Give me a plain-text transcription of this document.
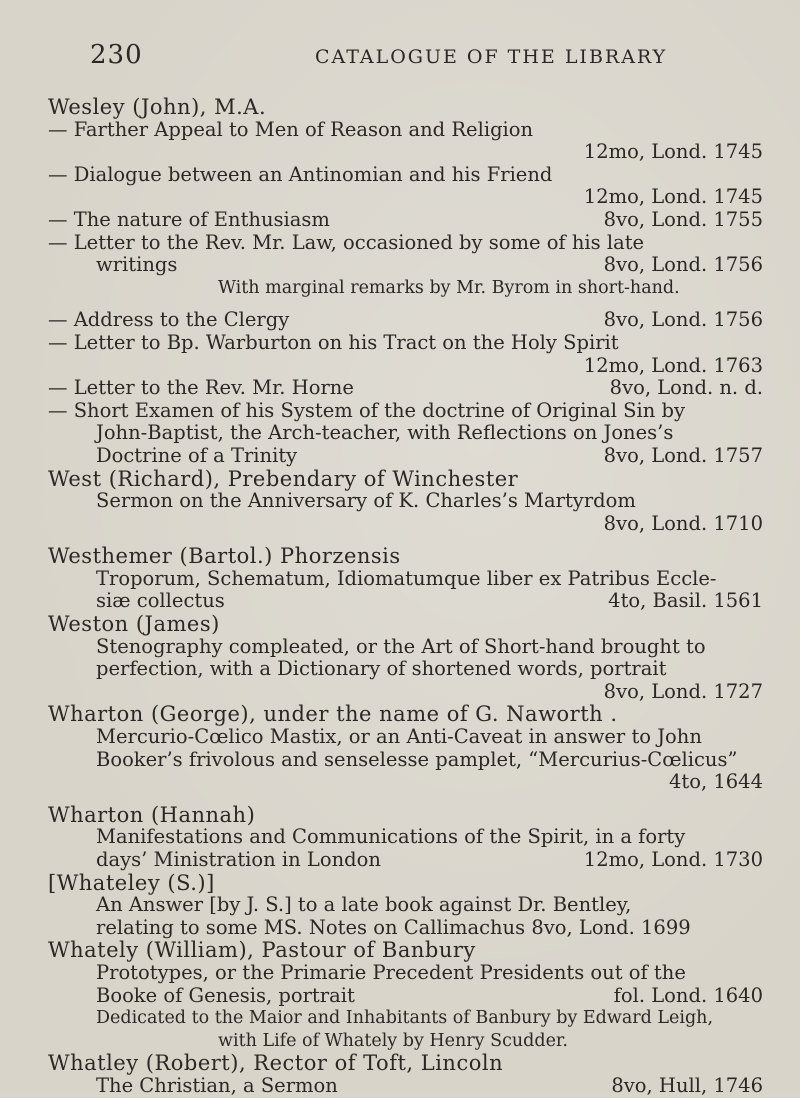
230	CATALOGUE OF THE LIBRARY
Wesley (John), M.A.
— Farther Appeal to Men of Reason and Religion
12mo, Lond. 1745
— Dialogue between an Antinomian and his Friend
12mo, Lond. 1745
— The nature of Enthusiasm	8vo, Lond. 1755
— Letter to the Rev. Mr. Law, occasioned by some of his late
writings	8vo, Lond. 1756
With marginal remarks by Mr. Byrom in short-hand.
— Address to the Clergy	8vo, Lond. 1756
— Letter to Bp. Warburton on his Tract on the Holy Spirit
12mo, Lond. 1763
— Letter to the Rev. Mr. Horne	8vo, Lond. n. d.
— Short Examen of his System of the doctrine of Original Sin by
John-Baptist, the Arch-teacher, with Reflections on Jones’s
Doctrine of a Trinity	8vo, Lond. 1757
West (Richard), Prebendary of Winchester
Sermon on the Anniversary of K. Charles’s Martyrdom
8vo, Lond. 1710
Westhemer (Bartol.) Phorzensis
Troporum, Schematum, Idiomatumque liber ex Patribus Eccle-
siæ collectus	4to, Basil. 1561
Weston (James)
Stenography compleated, or the Art of Short-hand brought to
perfection, with a Dictionary of shortened words, portrait
8vo, Lond. 1727
Wharton (George), under the name of G. Naworth .
Mercurio-Cœlico Mastix, or an Anti-Caveat in answer to John
Booker’s frivolous and senselesse pamplet, “Mercurius-Cœlicus”
4to, 1644
Wharton (Hannah)
Manifestations and Communications of the Spirit, in a forty
days’ Ministration in London	12mo, Lond. 1730
[Whateley (S.)]
An Answer [by J. S.] to a late book against Dr. Bentley,
relating to some MS. Notes on Callimachus 8vo, Lond. 1699
Whately (William), Pastour of Banbury
Prototypes, or the Primarie Precedent Presidents out of the
Booke of Genesis, portrait	fol. Lond. 1640
Dedicated to the Maior and Inhabitants of Banbury by Edward Leigh,
with Life of Whately by Henry Scudder.
Whatley (Robert), Rector of Toft, Lincoln
The Christian, a Sermon	8vo, Hull, 1746
